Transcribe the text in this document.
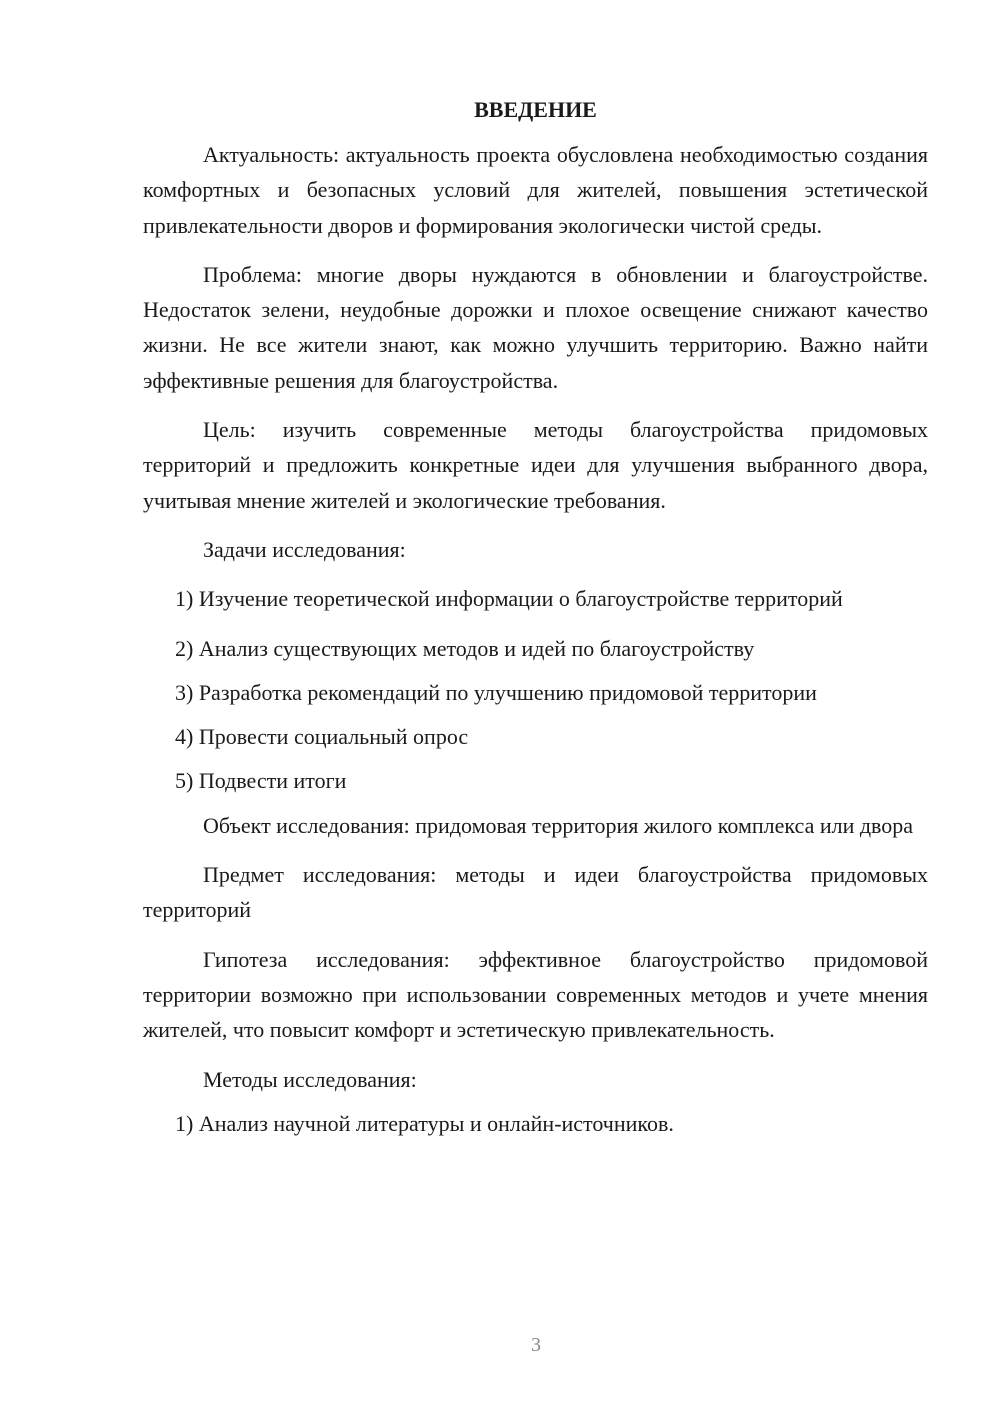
ВВЕДЕНИЕ

Актуальность: актуальность проекта обусловлена необходимостью создания комфортных и безопасных условий для жителей, повышения эстетической привлекательности дворов и формирования экологически чистой среды.

Проблема: многие дворы нуждаются в обновлении и благоустройстве. Недостаток зелени, неудобные дорожки и плохое освещение снижают качество жизни. Не все жители знают, как можно улучшить территорию. Важно найти эффективные решения для благоустройства.

Цель: изучить современные методы благоустройства придомовых территорий и предложить конкретные идеи для улучшения выбранного двора, учитывая мнение жителей и экологические требования.

Задачи исследования:

1) Изучение теоретической информации о благоустройстве территорий

2) Анализ существующих методов и идей по благоустройству

3) Разработка рекомендаций по улучшению придомовой территории

4) Провести социальный опрос

5) Подвести итоги

Объект исследования: придомовая территория жилого комплекса или двора

Предмет исследования: методы и идеи благоустройства придомовых территорий

Гипотеза исследования: эффективное благоустройство придомовой территории возможно при использовании современных методов и учете мнения жителей, что повысит комфорт и эстетическую привлекательность.

Методы исследования:

1) Анализ научной литературы и онлайн-источников.

3
